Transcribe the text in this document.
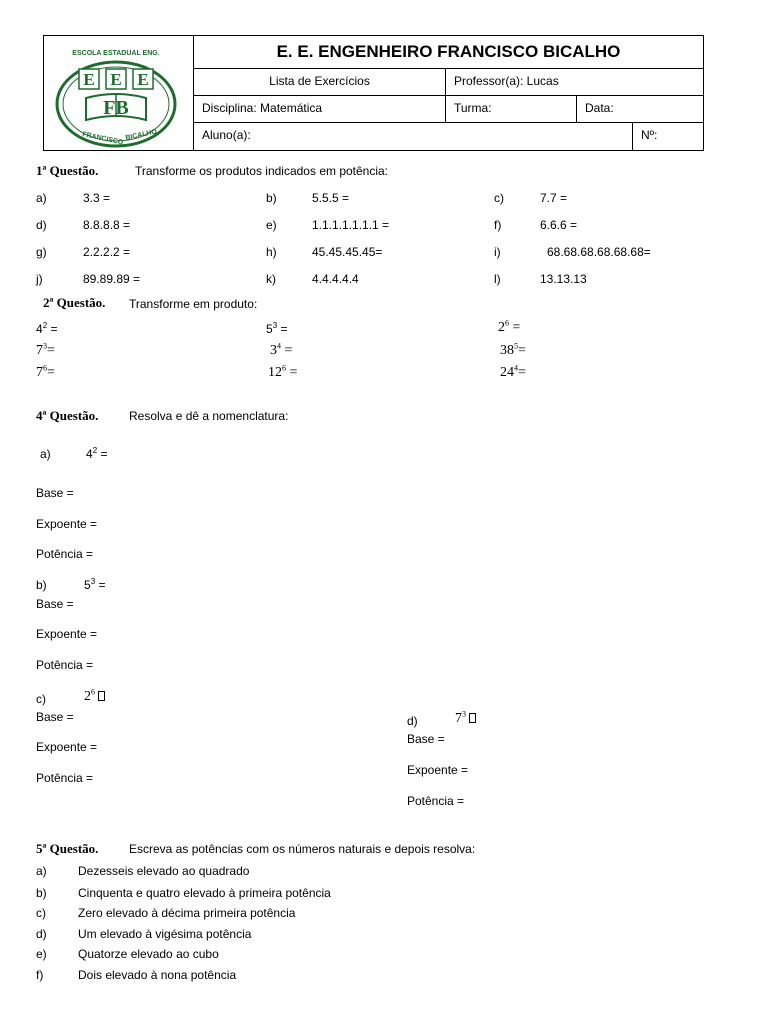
ESCOLA ESTADUAL ENG.
E E E
FB
FRANCISCO BICALHO
E. E. ENGENHEIRO FRANCISCO BICALHO
Lista de Exercícios	Professor(a): Lucas
Disciplina: Matemática	Turma:	Data:
Aluno(a):	Nº:
1ª Questão.	Transforme os produtos indicados em potência:
a)	3.3 =	b)	5.5.5 =	c)	7.7 =
d)	8.8.8.8 =	e)	1.1.1.1.1.1.1 =	f)	6.6.6 =
g)	2.2.2.2 =	h)	45.45.45.45=	i)	68.68.68.68.68.68=
j)	89.89.89 =	k)	4.4.4.4.4	l)	13.13.13
2ª Questão. Transforme em produto:
$4^2$ =	$5^3$ =	$2^6$ =
$7^3=$	$3^4$ =	$38^5=$
$7^6=$	$12^6$ =	$24^4=$
4ª Questão.	Resolva e dê a nomenclatura:
a)	$4^2$ =
Base =
Expoente =
Potência =
b)	$5^3$ =
Base =
Expoente =
Potência =
c)	$2^6$
Base =
Expoente =
Potência =
d)	$7^3$
Base =
Expoente =
Potência =
5ª Questão.	Escreva as potências com os números naturais e depois resolva:
a)	Dezesseis elevado ao quadrado
b)	Cinquenta e quatro elevado à primeira potência
c)	Zero elevado à décima primeira potência
d)	Um elevado à vigésima potência
e)	Quatorze elevado ao cubo
f)	Dois elevado à nona potência
